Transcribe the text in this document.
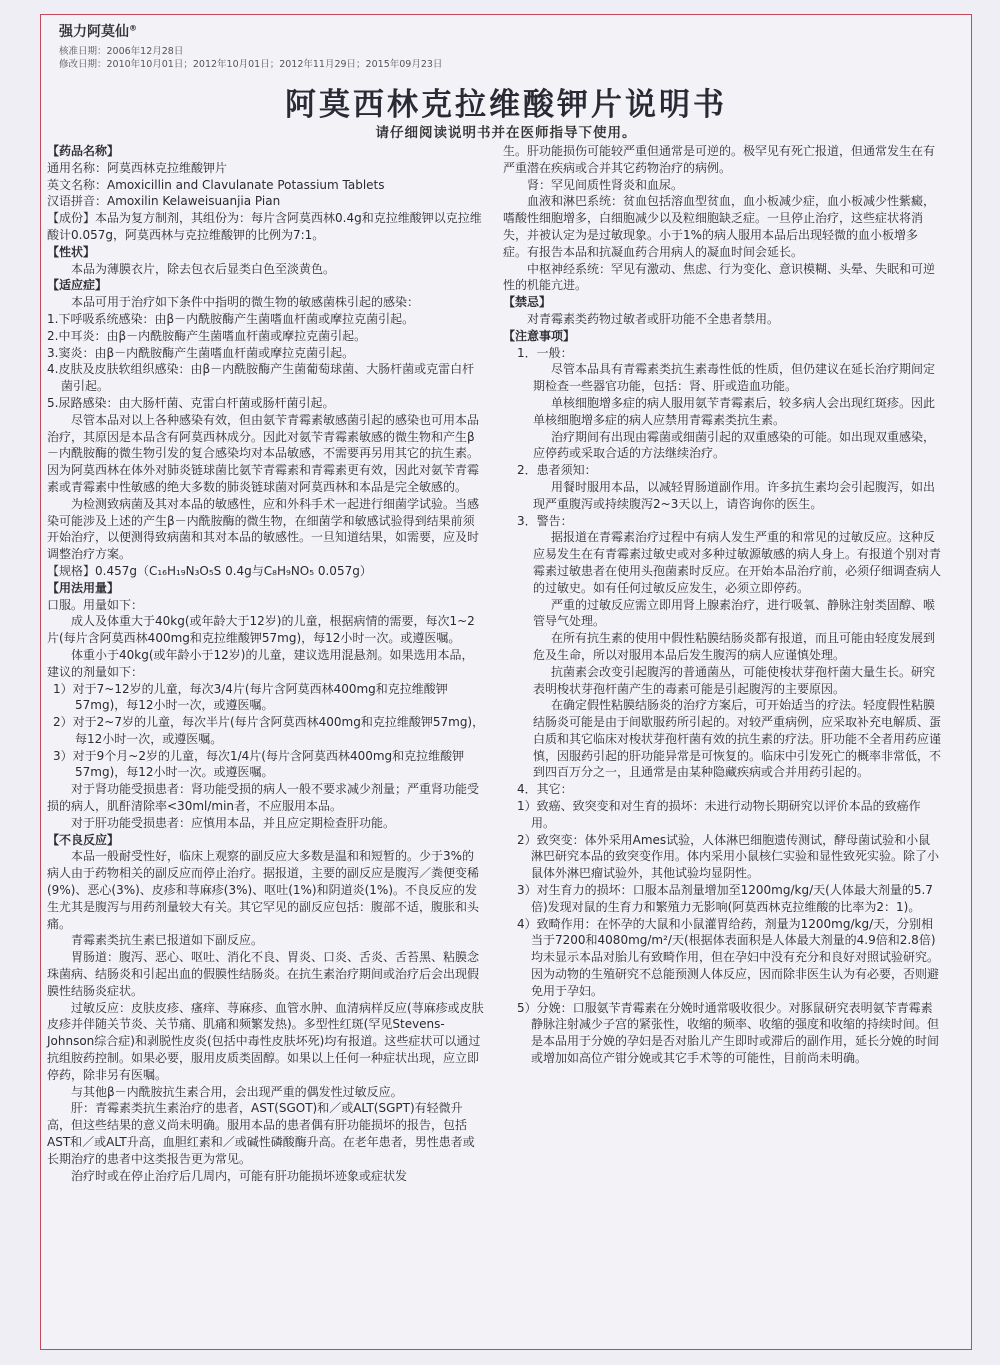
强力阿莫仙®
核准日期：2006年12月28日
修改日期：2010年10月01日；2012年10月01日；2012年11月29日；2015年09月23日
阿莫西林克拉维酸钾片说明书
请仔细阅读说明书并在医师指导下使用。

【药品名称】

通用名称：阿莫西林克拉维酸钾片

英文名称：Amoxicillin and Clavulanate Potassium Tablets

汉语拼音：Amoxilin Kelaweisuanjia Pian

【成份】本品为复方制剂，其组份为：每片含阿莫西林0.4g和克拉维酸钾以克拉维酸计0.057g，阿莫西林与克拉维酸钾的比例为7:1。

【性状】

本品为薄膜衣片，除去包衣后显类白色至淡黄色。

【适应症】

本品可用于治疗如下条件中指明的微生物的敏感菌株引起的感染：

1.下呼吸系统感染：由β－内酰胺酶产生菌嗜血杆菌或摩拉克菌引起。

2.中耳炎：由β－内酰胺酶产生菌嗜血杆菌或摩拉克菌引起。

3.窦炎：由β－内酰胺酶产生菌嗜血杆菌或摩拉克菌引起。

4.皮肤及皮肤软组织感染：由β－内酰胺酶产生菌葡萄球菌、大肠杆菌或克雷白杆菌引起。

5.尿路感染：由大肠杆菌、克雷白杆菌或肠杆菌引起。

尽管本品对以上各种感染有效，但由氨苄青霉素敏感菌引起的感染也可用本品治疗，其原因是本品含有阿莫西林成分。因此对氨苄青霉素敏感的微生物和产生β－内酰胺酶的微生物引发的复合感染均对本品敏感，不需要再另用其它的抗生素。因为阿莫西林在体外对肺炎链球菌比氨苄青霉素和青霉素更有效，因此对氨苄青霉素或青霉素中性敏感的绝大多数的肺炎链球菌对阿莫西林和本品是完全敏感的。

为检测致病菌及其对本品的敏感性，应和外科手术一起进行细菌学试验。当感染可能涉及上述的产生β－内酰胺酶的微生物，在细菌学和敏感试验得到结果前须开始治疗，以便测得致病菌和其对本品的敏感性。一旦知道结果，如需要，应及时调整治疗方案。

【规格】0.457g（C₁₆H₁₉N₃O₅S 0.4g与C₈H₉NO₅ 0.057g）

【用法用量】

口服。用量如下：

成人及体重大于40kg(或年龄大于12岁)的儿童，根据病情的需要，每次1~2片(每片含阿莫西林400mg和克拉维酸钾57mg)，每12小时一次。或遵医嘱。

体重小于40kg(或年龄小于12岁)的儿童，建议选用混悬剂。如果选用本品，建议的剂量如下：

1）对于7~12岁的儿童，每次3/4片(每片含阿莫西林400mg和克拉维酸钾57mg)，每12小时一次，或遵医嘱。

2）对于2~7岁的儿童，每次半片(每片含阿莫西林400mg和克拉维酸钾57mg)，每12小时一次，或遵医嘱。

3）对于9个月~2岁的儿童，每次1/4片(每片含阿莫西林400mg和克拉维酸钾57mg)，每12小时一次。或遵医嘱。

对于肾功能受损患者：肾功能受损的病人一般不要求减少剂量；严重肾功能受损的病人，肌酐清除率<30ml/min者，不应服用本品。

对于肝功能受损患者：应慎用本品，并且应定期检查肝功能。

【不良反应】

本品一般耐受性好，临床上观察的副反应大多数是温和和短暂的。少于3%的病人由于药物相关的副反应而停止治疗。据报道，主要的副反应是腹泻／粪便变稀(9%)、恶心(3%)、皮疹和荨麻疹(3%)、呕吐(1%)和阴道炎(1%)。不良反应的发生尤其是腹泻与用药剂量较大有关。其它罕见的副反应包括：腹部不适，腹胀和头痛。

青霉素类抗生素已报道如下副反应。

胃肠道：腹泻、恶心、呕吐、消化不良、胃炎、口炎、舌炎、舌苔黑、粘膜念珠菌病、结肠炎和引起出血的假膜性结肠炎。在抗生素治疗期间或治疗后会出现假膜性结肠炎症状。

过敏反应：皮肤皮疹、瘙痒、荨麻疹、血管水肿、血清病样反应(荨麻疹或皮肤皮疹并伴随关节炎、关节痛、肌痛和频繁发热)。多型性红斑(罕见Stevens-Johnson综合症)和剥脱性皮炎(包括中毒性皮肤坏死)均有报道。这些症状可以通过抗组胺药控制。如果必要，服用皮质类固醇。如果以上任何一种症状出现，应立即停药，除非另有医嘱。

与其他β－内酰胺抗生素合用，会出现严重的偶发性过敏反应。

肝：青霉素类抗生素治疗的患者，AST(SGOT)和／或ALT(SGPT)有轻微升高，但这些结果的意义尚未明确。服用本品的患者偶有肝功能损坏的报告，包括AST和／或ALT升高，血胆红素和／或碱性磷酸酶升高。在老年患者，男性患者或长期治疗的患者中这类报告更为常见。

治疗时或在停止治疗后几周内，可能有肝功能损坏迹象或症状发

生。肝功能损伤可能较严重但通常是可逆的。极罕见有死亡报道，但通常发生在有严重潜在疾病或合并其它药物治疗的病例。

肾：罕见间质性肾炎和血尿。

血液和淋巴系统：贫血包括溶血型贫血，血小板减少症，血小板减少性紫癜，嗜酸性细胞增多，白细胞减少以及粒细胞缺乏症。一旦停止治疗，这些症状将消失，并被认定为是过敏现象。小于1%的病人服用本品后出现轻微的血小板增多症。有报告本品和抗凝血药合用病人的凝血时间会延长。

中枢神经系统：罕见有激动、焦虑、行为变化、意识模糊、头晕、失眠和可逆性的机能亢进。

【禁忌】

对青霉素类药物过敏者或肝功能不全患者禁用。

【注意事项】

1．一般：

尽管本品具有青霉素类抗生素毒性低的性质，但仍建议在延长治疗期间定期检查一些器官功能，包括：肾、肝或造血功能。

单核细胞增多症的病人服用氨苄青霉素后，较多病人会出现红斑疹。因此单核细胞增多症的病人应禁用青霉素类抗生素。

治疗期间有出现由霉菌或细菌引起的双重感染的可能。如出现双重感染，应停药或采取合适的方法继续治疗。

2．患者须知：

用餐时服用本品，以减轻胃肠道副作用。许多抗生素均会引起腹泻，如出现严重腹泻或持续腹泻2~3天以上，请咨询你的医生。

3．警告：

据报道在青霉素治疗过程中有病人发生严重的和常见的过敏反应。这种反应易发生在有青霉素过敏史或对多种过敏源敏感的病人身上。有报道个别对青霉素过敏患者在使用头孢菌素时反应。在开始本品治疗前，必须仔细调查病人的过敏史。如有任何过敏反应发生，必须立即停药。

严重的过敏反应需立即用肾上腺素治疗，进行吸氧、静脉注射类固醇、喉管导气处理。

在所有抗生素的使用中假性粘膜结肠炎都有报道，而且可能由轻度发展到危及生命，所以对服用本品后发生腹泻的病人应谨慎处理。

抗菌素会改变引起腹泻的普通菌丛，可能使梭状芽孢杆菌大量生长。研究表明梭状芽孢杆菌产生的毒素可能是引起腹泻的主要原因。

在确定假性粘膜结肠炎的治疗方案后，可开始适当的疗法。轻度假性粘膜结肠炎可能是由于间歇服药所引起的。对较严重病例，应采取补充电解质、蛋白质和其它临床对梭状芽孢杆菌有效的抗生素的疗法。肝功能不全者用药应谨慎，因服药引起的肝功能异常是可恢复的。临床中引发死亡的概率非常低，不到四百万分之一，且通常是由某种隐藏疾病或合并用药引起的。

4．其它：

1）致癌、致突变和对生育的损坏：未进行动物长期研究以评价本品的致癌作用。

2）致突变：体外采用Ames试验，人体淋巴细胞遗传测试，酵母菌试验和小鼠淋巴研究本品的致突变作用。体内采用小鼠核仁实验和显性致死实验。除了小鼠体外淋巴瘤试验外，其他试验均显阴性。

3）对生育力的损坏：口服本品剂量增加至1200mg/kg/天(人体最大剂量的5.7倍)发现对鼠的生育力和繁殖力无影响(阿莫西林克拉维酸的比率为2：1)。

4）致畸作用：在怀孕的大鼠和小鼠灌胃给药，剂量为1200mg/kg/天，分别相当于7200和4080mg/m²/天(根据体表面积是人体最大剂量的4.9倍和2.8倍)均未显示本品对胎儿有致畸作用，但在孕妇中没有充分和良好对照试验研究。因为动物的生殖研究不总能预测人体反应，因而除非医生认为有必要，否则避免用于孕妇。

5）分娩：口服氨苄青霉素在分娩时通常吸收很少。对豚鼠研究表明氨苄青霉素静脉注射减少子宫的紧张性，收缩的频率、收缩的强度和收缩的持续时间。但是本品用于分娩的孕妇是否对胎儿产生即时或滞后的副作用，延长分娩的时间或增加如高位产钳分娩或其它手术等的可能性，目前尚未明确。
